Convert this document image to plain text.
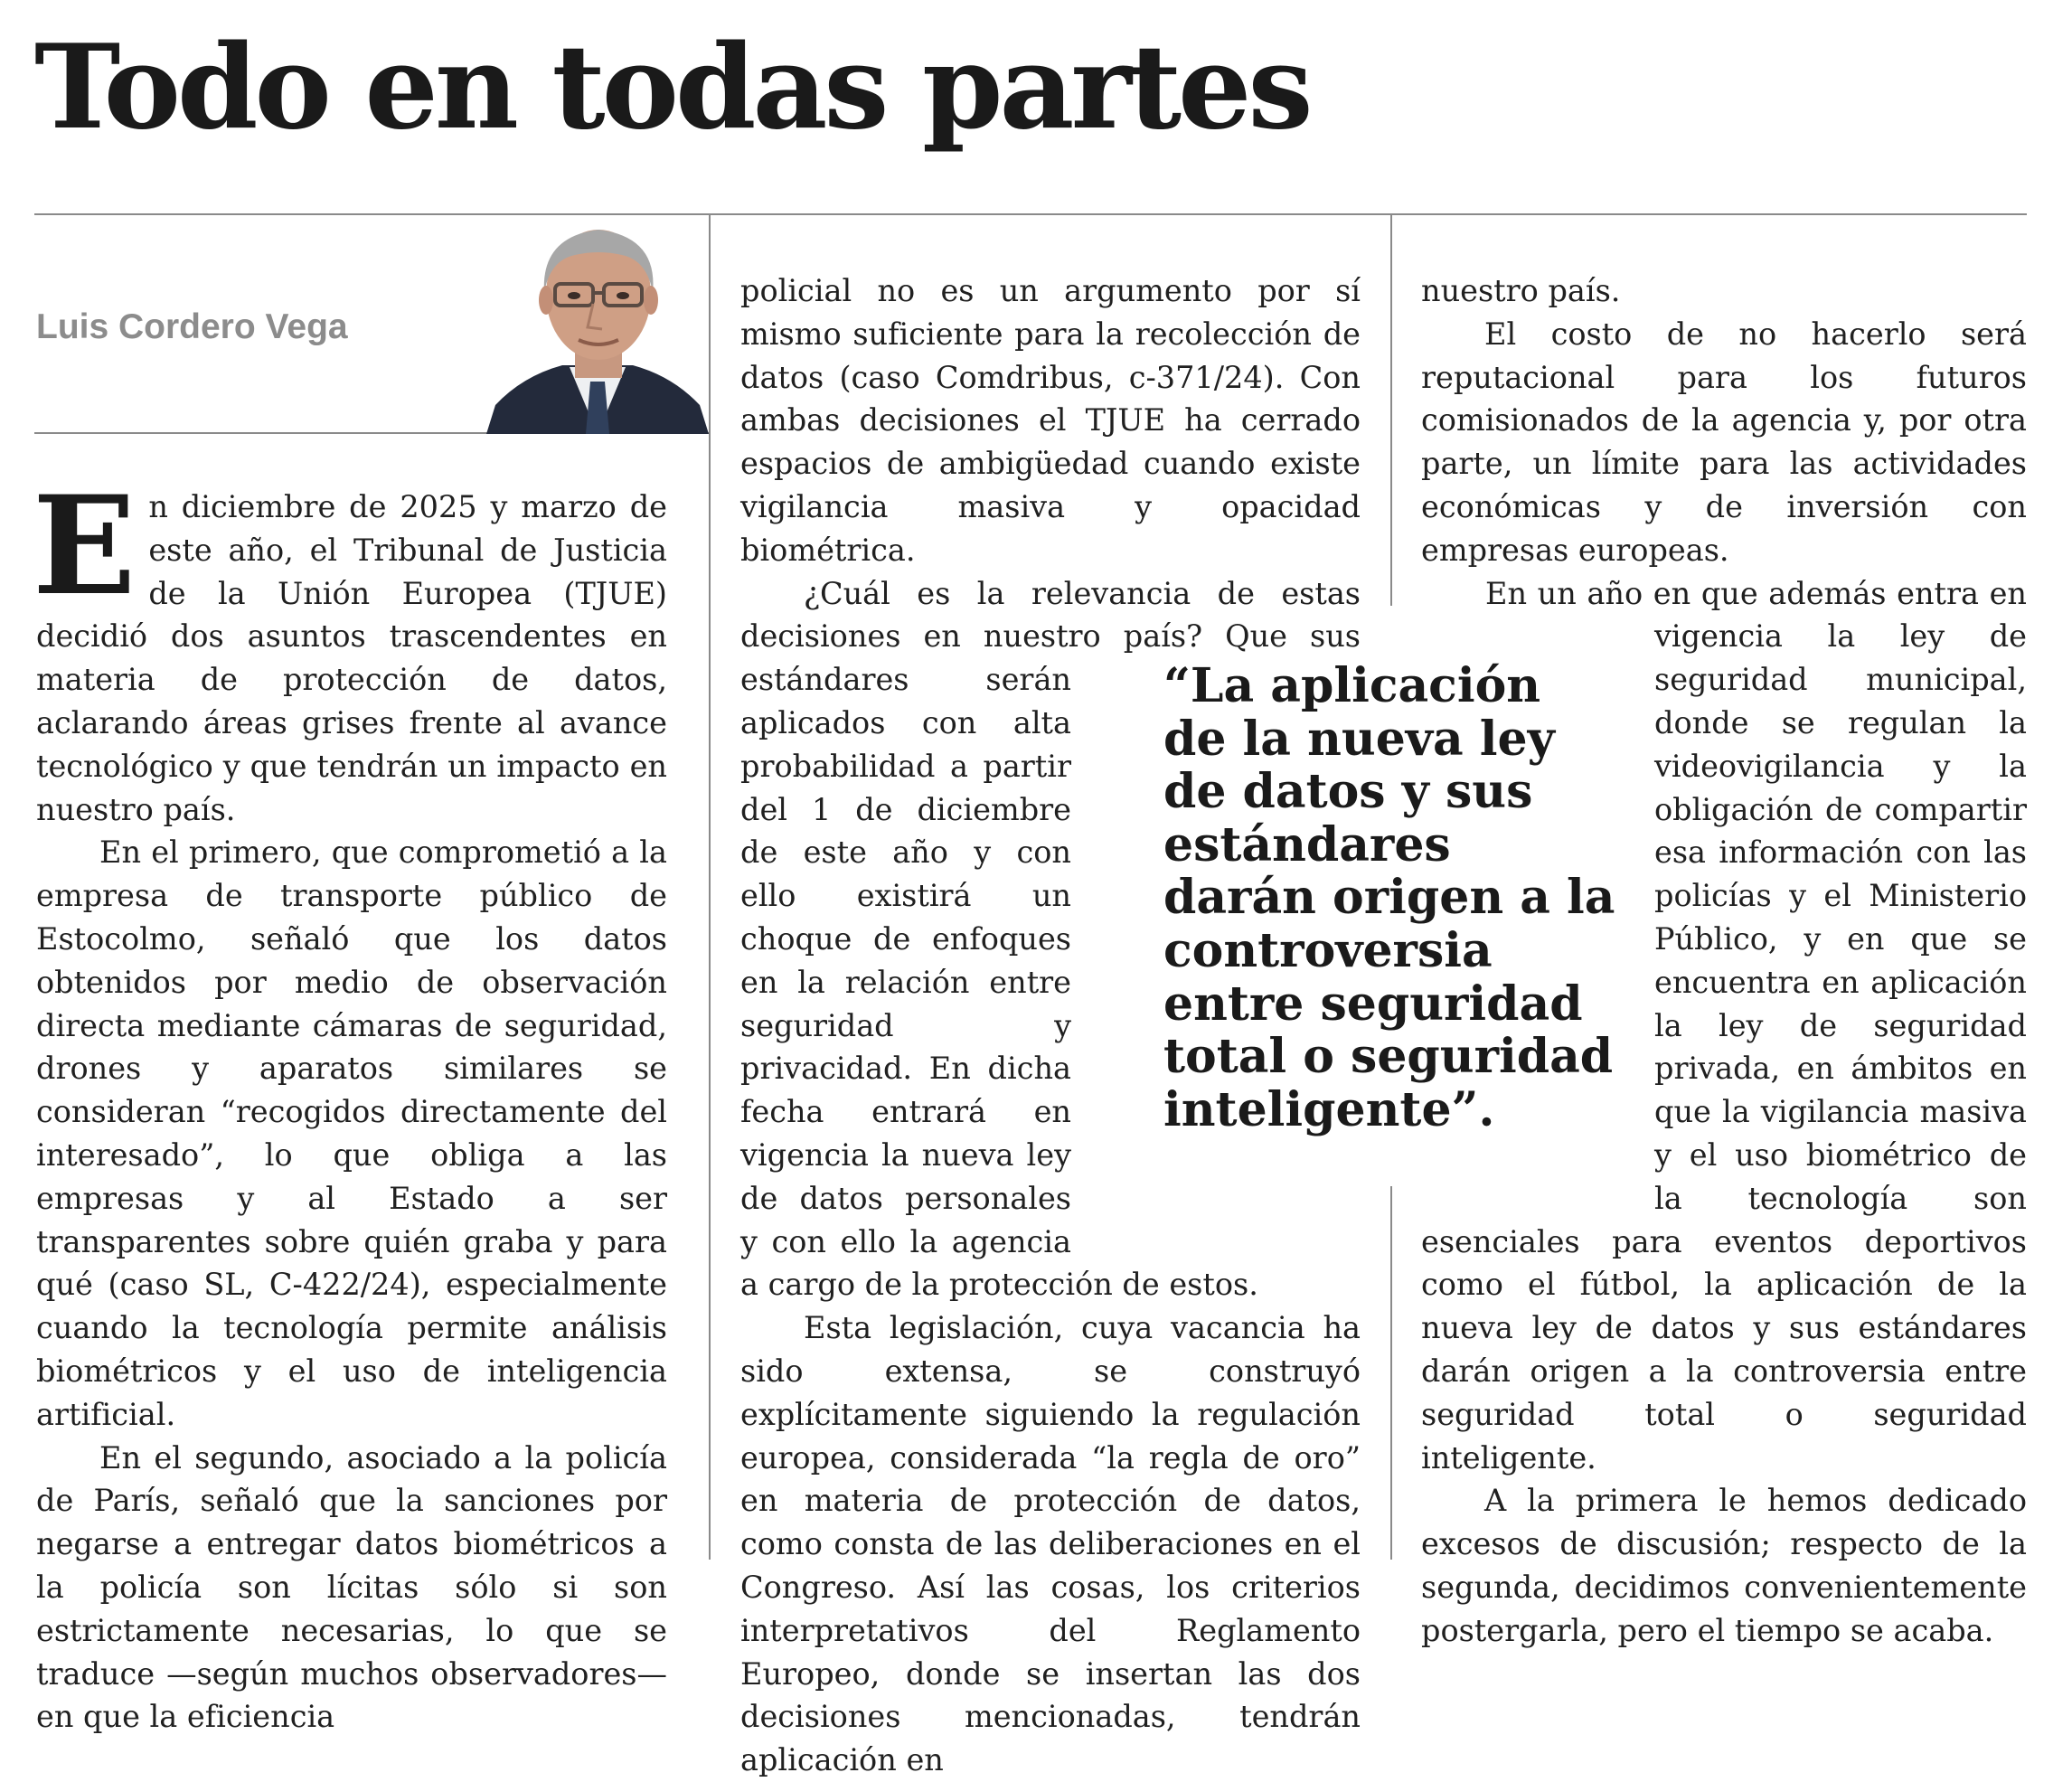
Todo en todas partes
Luis Cordero Vega
E n diciembre de 2025 y marzo de este año, el Tribunal de Justicia de la Unión Europea (TJUE) decidió dos asuntos trascendentes en materia de protección de datos, aclarando áreas grises frente al avance tecnológico y que tendrán un impacto en nuestro país.

En el primero, que comprometió a la empresa de transporte público de Estocolmo, señaló que los datos obtenidos por medio de observación directa mediante cámaras de seguridad, drones y aparatos similares se consideran “recogidos directamente del interesado”, lo que obliga a las empresas y al Estado a ser transparentes sobre quién graba y para qué (caso SL, C-422/24), especialmente cuando la tecnología permite análisis biométricos y el uso de inteligencia artificial.

En el segundo, asociado a la policía de París, señaló que la sanciones por negarse a entregar datos biométricos a la policía son lícitas sólo si son estrictamente necesarias, lo que se traduce —según muchos observadores— en que la eficiencia

policial no es un argumento por sí mismo suficiente para la recolección de datos (caso Comdribus, c-371/24). Con ambas decisiones el TJUE ha cerrado espacios de ambigüedad cuando existe vigilancia masiva y opacidad biométrica.

¿Cuál es la relevancia de estas decisiones en nuestro país? Que sus estándares serán aplicados con alta probabilidad a partir del 1 de diciembre de este año y con ello existirá un choque de enfoques en la relación entre seguridad y privacidad. En dicha fecha entrará en vigencia la nueva ley de datos personales y con ello la agencia a cargo de la protección de estos.

Esta legislación, cuya vacancia ha sido extensa, se construyó explícitamente siguiendo la regulación europea, considerada “la regla de oro” en materia de protección de datos, como consta de las deliberaciones en el Congreso. Así las cosas, los criterios interpretativos del Reglamento Europeo, donde se insertan las dos decisiones mencionadas, tendrán aplicación en

nuestro país.

El costo de no hacerlo será reputacional para los futuros comisionados de la agencia y, por otra parte, un límite para las actividades económicas y de inversión con empresas europeas.

En un año en que además entra en vigencia la ley de seguridad municipal, donde se regulan la videovigilancia y la obligación de compartir esa información con las policías y el Ministerio Público, y en que se encuentra en aplicación la ley de seguridad privada, en ámbitos en que la vigilancia masiva y el uso biométrico de la tecnología son esenciales para eventos deportivos como el fútbol, la aplicación de la nueva ley de datos y sus estándares darán origen a la controversia entre seguridad total o seguridad inteligente.

A la primera le hemos dedicado excesos de discusión; respecto de la segunda, decidimos convenientemente postergarla, pero el tiempo se acaba.

“La aplicación de la nueva ley de datos y sus estándares darán origen a la controversia entre seguridad total o seguridad inteligente”.
